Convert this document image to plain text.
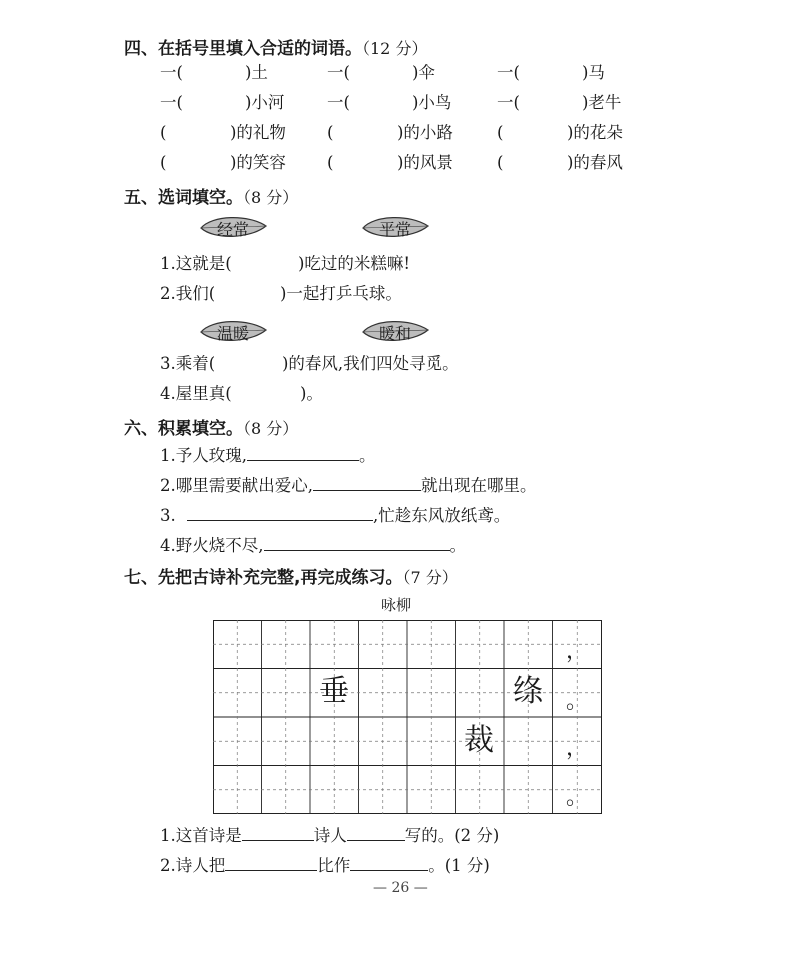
四、在括号里填入合适的词语。（12 分）
一(	)土	一(	)伞	一(	)马
一(	)小河	一(	)小鸟	一(	)老牛
(	)的礼物 (	)的小路	(	)的花朵
(	)的笑容 (	)的风景	(	)的春风
五、选词填空。（8 分）
经常	平常
1.这就是(	)吃过的米糕嘛!
2.我们(	)一起打乒乓球。
温暖	暖和
3.乘着(	)的春风,我们四处寻觅。
4.屋里真(	)。
六、积累填空。（8 分）
1.予人玫瑰,	。
2.哪里需要献出爱心,	就出现在哪里。
3.	,忙趁东风放纸鸢。
4.野火烧不尽,	。
七、先把古诗补充完整,再完成练习。（7 分）
咏柳
垂	绦
裁
，
。
，
。
1.这首诗是	诗人	写的。(2 分)
2.诗人把	比作	。(1 分)
— 26 —
